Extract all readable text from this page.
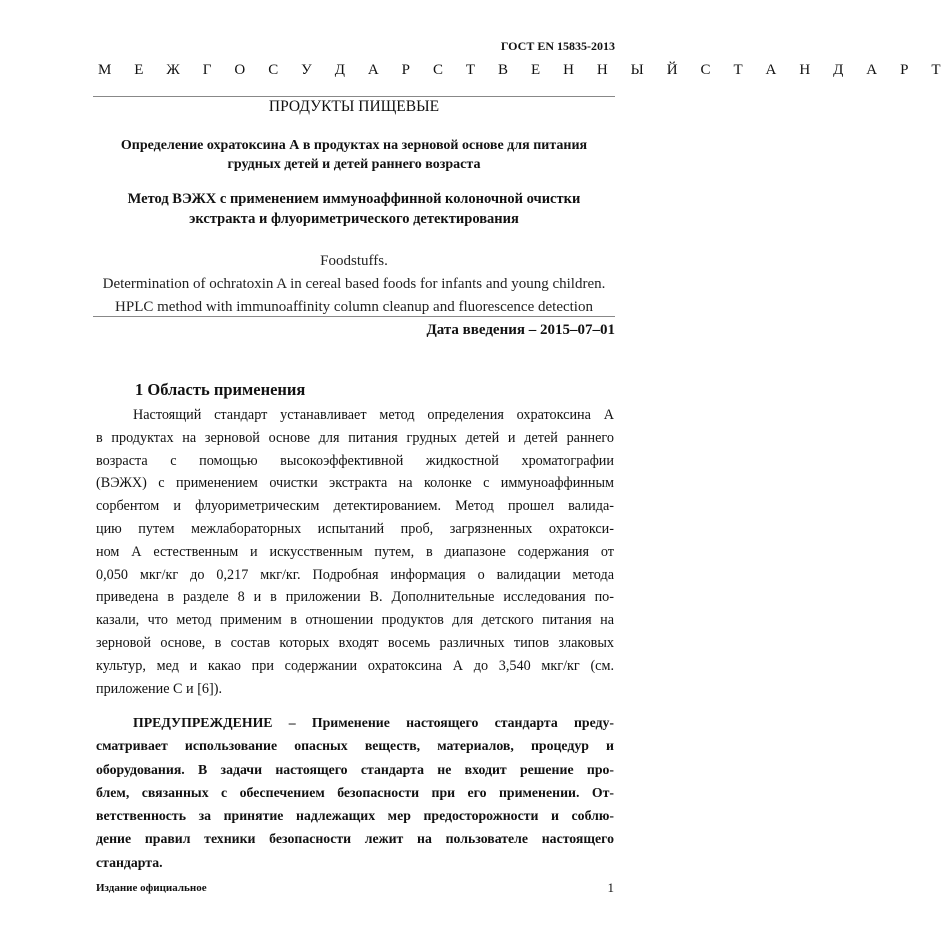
ГОСТ EN 15835-2013
М Е Ж Г О С У Д А Р С Т В Е Н Н Ы Й С Т А Н Д А Р Т
ПРОДУКТЫ ПИЩЕВЫЕ
Определение охратоксина А в продуктах на зерновой основе для питания
грудных детей и детей раннего возраста
Метод ВЭЖХ с применением иммуноаффинной колоночной очистки
экстракта и флуориметрического детектирования
Foodstuffs.
Determination of ochratoxin A in cereal based foods for infants and young children.
HPLC method with immunoaffinity column cleanup and fluorescence detection
Дата введения – 2015–07–01
1 Область применения
Настоящий стандарт устанавливает метод определения охратоксина А
в продуктах на зерновой основе для питания грудных детей и детей раннего
возраста с помощью высокоэффективной жидкостной хроматографии
(ВЭЖХ) с применением очистки экстракта на колонке с иммуноаффинным
сорбентом и флуориметрическим детектированием. Метод прошел валида-
цию путем межлабораторных испытаний проб, загрязненных охратокси-
ном А естественным и искусственным путем, в диапазоне содержания от
0,050 мкг/кг до 0,217 мкг/кг. Подробная информация о валидации метода
приведена в разделе 8 и в приложении В. Дополнительные исследования по-
казали, что метод применим в отношении продуктов для детского питания на
зерновой основе, в состав которых входят восемь различных типов злаковых
культур, мед и какао при содержании охратоксина А до 3,540 мкг/кг (см.
приложение С и [6]).
ПРЕДУПРЕЖДЕНИЕ – Применение настоящего стандарта преду-
сматривает использование опасных веществ, материалов, процедур и
оборудования. В задачи настоящего стандарта не входит решение про-
блем, связанных с обеспечением безопасности при его применении. От-
ветственность за принятие надлежащих мер предосторожности и соблю-
дение правил техники безопасности лежит на пользователе настоящего
стандарта.
Издание официальное	1
